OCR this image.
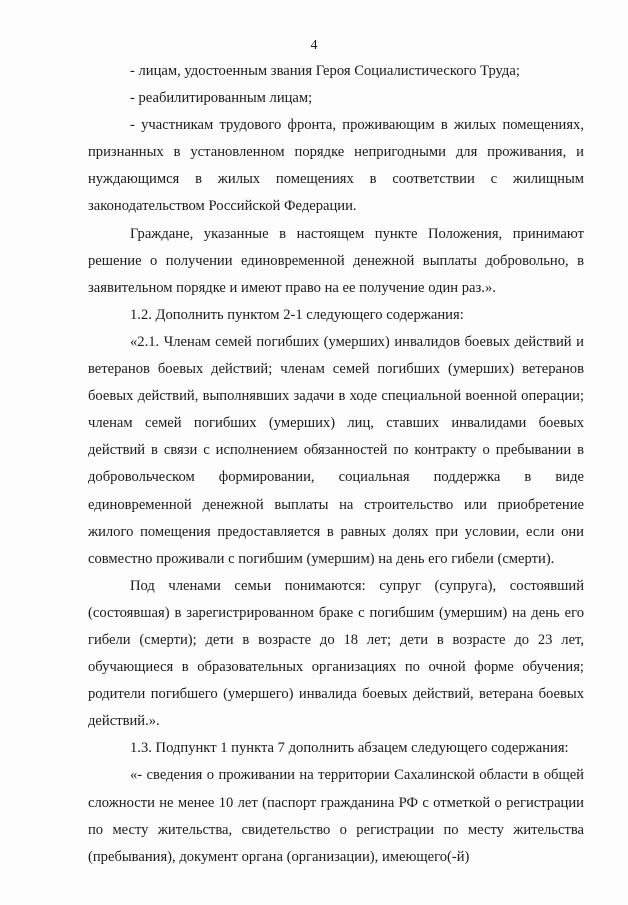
4

- лицам, удостоенным звания Героя Социалистического Труда;

- реабилитированным лицам;

- участникам трудового фронта, проживающим в жилых помещениях, признанных в установленном порядке непригодными для проживания, и нуждающимся в жилых помещениях в соответствии с жилищным законодательством Российской Федерации.

Граждане, указанные в настоящем пункте Положения, принимают решение о получении единовременной денежной выплаты добровольно, в заявительном порядке и имеют право на ее получение один раз.».

1.2. Дополнить пунктом 2-1 следующего содержания:

«2.1. Членам семей погибших (умерших) инвалидов боевых действий и ветеранов боевых действий; членам семей погибших (умерших) ветеранов боевых действий, выполнявших задачи в ходе специальной военной операции; членам семей погибших (умерших) лиц, ставших инвалидами боевых действий в связи с исполнением обязанностей по контракту о пребывании в добровольческом формировании, социальная поддержка в виде единовременной денежной выплаты на строительство или приобретение жилого помещения предоставляется в равных долях при условии, если они совместно проживали с погибшим (умершим) на день его гибели (смерти).

Под членами семьи понимаются: супруг (супруга), состоявший (состоявшая) в зарегистрированном браке с погибшим (умершим) на день его гибели (смерти); дети в возрасте до 18 лет; дети в возрасте до 23 лет, обучающиеся в образовательных организациях по очной форме обучения; родители погибшего (умершего) инвалида боевых действий, ветерана боевых действий.».

1.3. Подпункт 1 пункта 7 дополнить абзацем следующего содержания:

«- сведения о проживании на территории Сахалинской области в общей сложности не менее 10 лет (паспорт гражданина РФ с отметкой о регистрации по месту жительства, свидетельство о регистрации по месту жительства (пребывания), документ органа (организации), имеющего(-й)
